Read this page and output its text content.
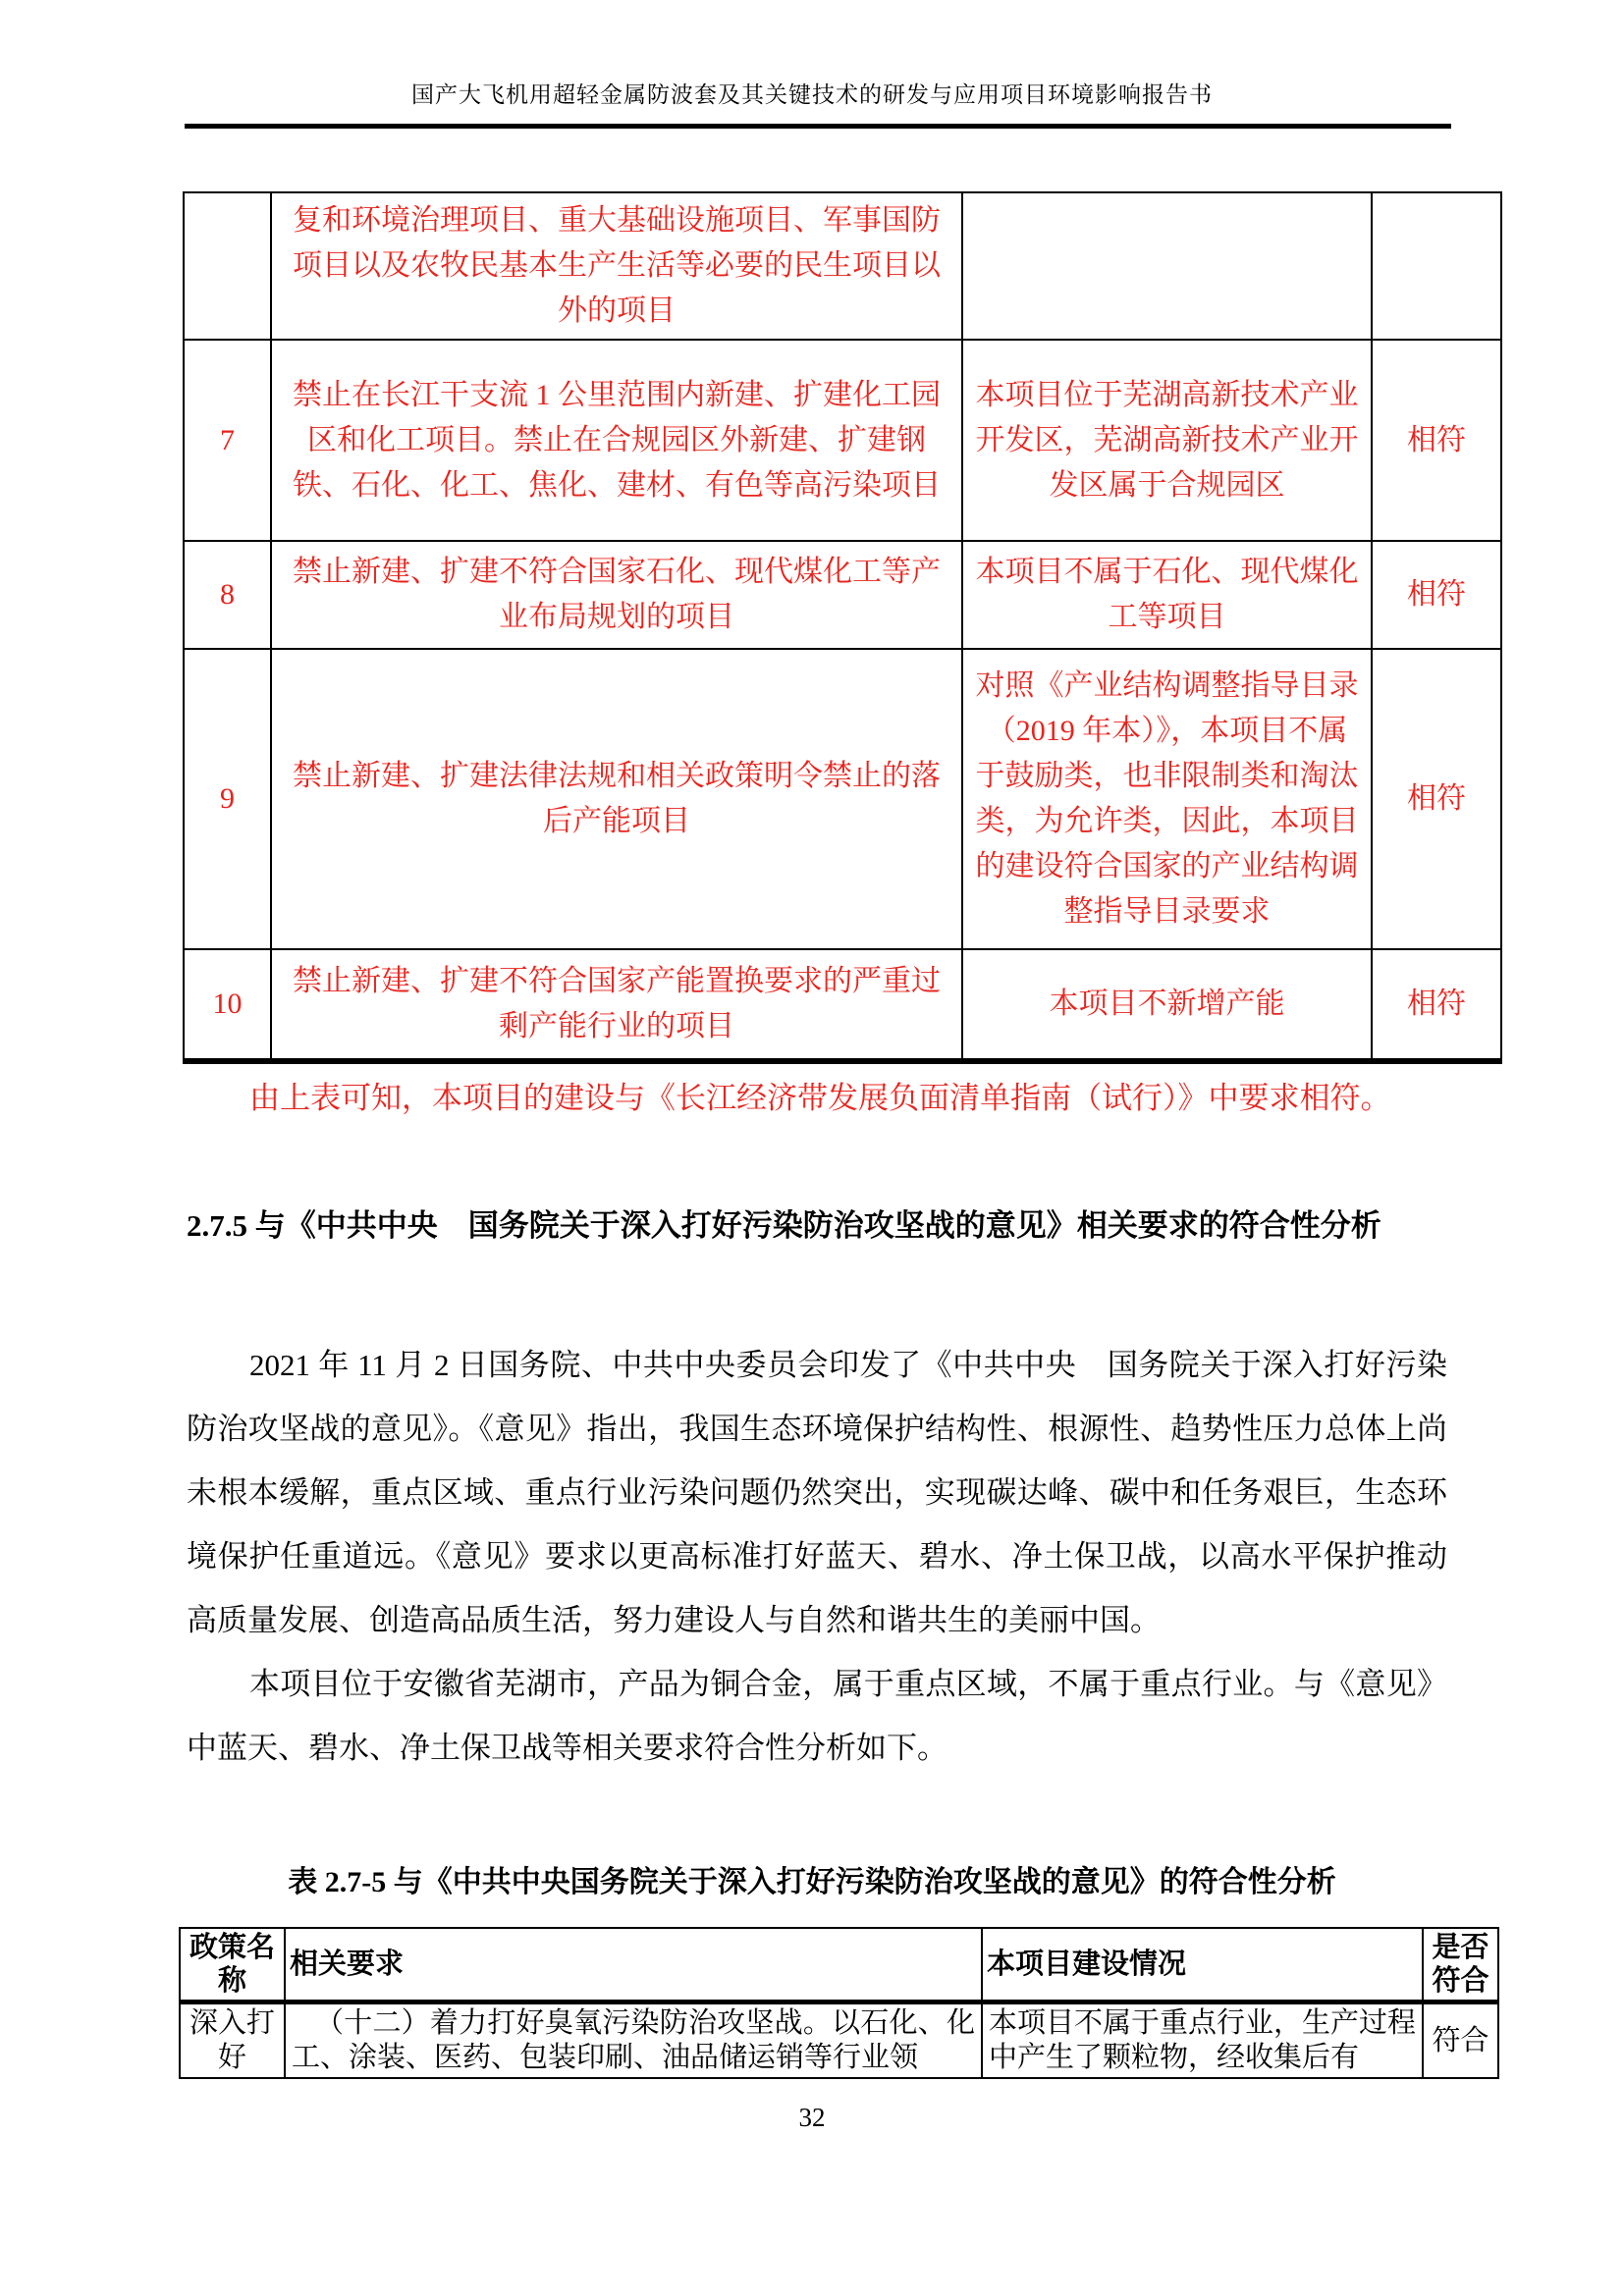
国产大飞机用超轻金属防波套及其关键技术的研发与应用项目环境影响报告书
	复和环境治理项目、重大基础设施项目、军事国防项目以及农牧民基本生产生活等必要的民生项目以外的项目		
7	禁止在长江干支流 1 公里范围内新建、扩建化工园区和化工项目。禁止在合规园区外新建、扩建钢铁、石化、化工、焦化、建材、有色等高污染项目	本项目位于芜湖高新技术产业开发区，芜湖高新技术产业开发区属于合规园区	相符
8	禁止新建、扩建不符合国家石化、现代煤化工等产业布局规划的项目	本项目不属于石化、现代煤化工等项目	相符
9	禁止新建、扩建法律法规和相关政策明令禁止的落后产能项目	对照《产业结构调整指导目录（2019 年本）》，本项目不属于鼓励类，也非限制类和淘汰类，为允许类，因此，本项目的建设符合国家的产业结构调整指导目录要求	相符
10	禁止新建、扩建不符合国家产能置换要求的严重过剩产能行业的项目	本项目不新增产能	相符
由上表可知，本项目的建设与《长江经济带发展负面清单指南（试行）》中要求相符。
2.7.5 与《中共中央　国务院关于深入打好污染防治攻坚战的意见》相关要求的符合性分析

2021 年 11 月 2 日国务院、中共中央委员会印发了《中共中央　国务院关于深入打好污染防治攻坚战的意见》。《意见》指出，我国生态环境保护结构性、根源性、趋势性压力总体上尚未根本缓解，重点区域、重点行业污染问题仍然突出，实现碳达峰、碳中和任务艰巨，生态环境保护任重道远。《意见》要求以更高标准打好蓝天、碧水、净土保卫战，以高水平保护推动高质量发展、创造高品质生活，努力建设人与自然和谐共生的美丽中国。

本项目位于安徽省芜湖市，产品为铜合金，属于重点区域，不属于重点行业。与《意见》中蓝天、碧水、净土保卫战等相关要求符合性分析如下。

表 2.7-5 与《中共中央国务院关于深入打好污染防治攻坚战的意见》的符合性分析
政策名称	相关要求	本项目建设情况	是否符合
深入打好	（十二）着力打好臭氧污染防治攻坚战。以石化、化工、涂装、医药、包装印刷、油品储运销等行业领	本项目不属于重点行业，生产过程中产生了颗粒物，经收集后有	符合
32
